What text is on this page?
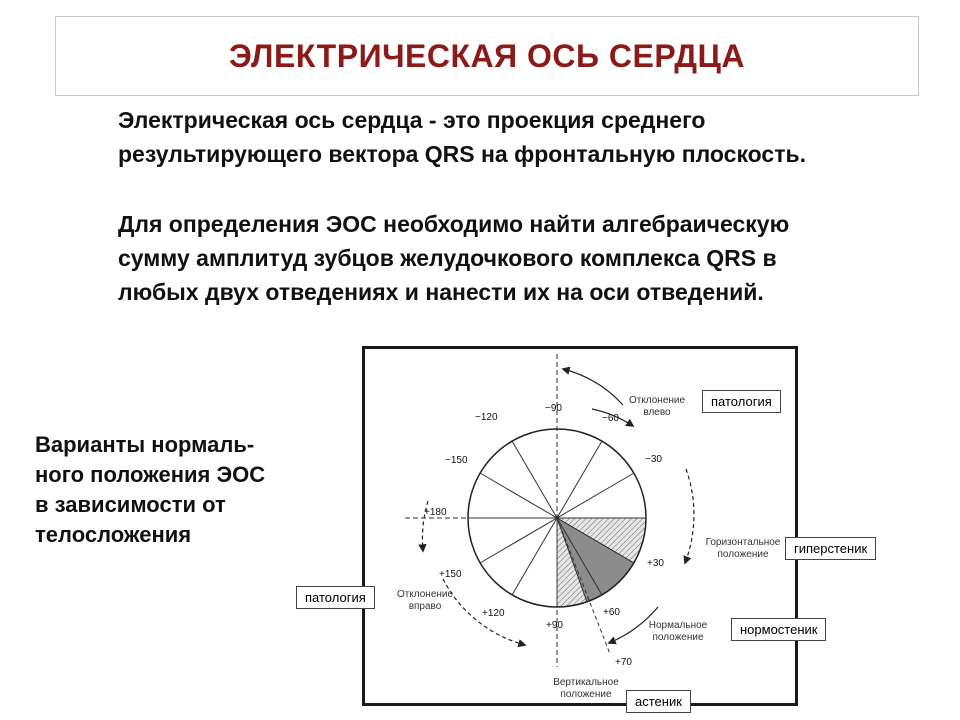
ЭЛЕКТРИЧЕСКАЯ ОСЬ СЕРДЦА
Электрическая ось сердца - это проекция среднего результирующего вектора QRS на фронтальную плоскость.
Для определения ЭОС необходимо найти алгебраическую сумму амплитуд зубцов желудочкового комплекса QRS в любых двух отведениях и нанести их на оси отведений.
Варианты нормаль-
ного положения ЭОС
в зависимости от
телосложения
−90
−120	−60
−150	−30
+180
+150
+120
+90
+60
+30
+70
Отклонение
влево
Отклонение
вправо
Горизонтальное
положение
Нормальное
положение
Вертикальное
положение
патология
гиперстеник
патология
нормостеник
астеник
